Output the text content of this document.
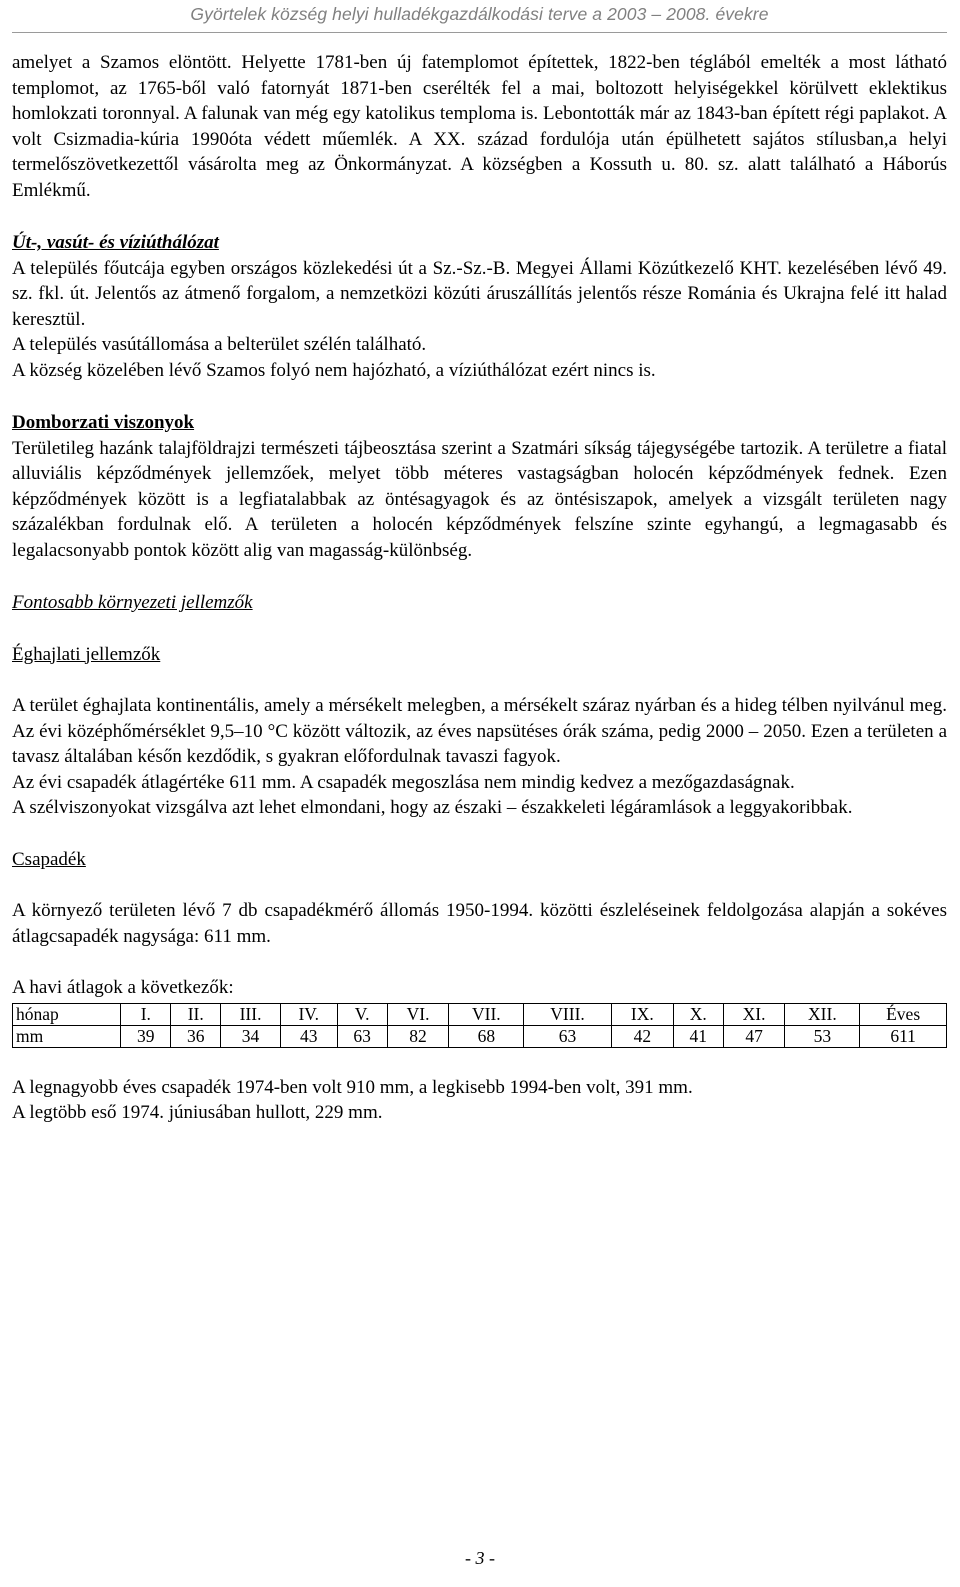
Györtelek község helyi hulladékgazdálkodási terve a 2003 – 2008. évekre

amelyet a Szamos elöntött. Helyette 1781-ben új fatemplomot építettek, 1822-ben téglából emelték a most látható templomot, az 1765-ből való fatornyát 1871-ben cserélték fel a mai, boltozott helyiségekkel körülvett eklektikus homlokzati toronnyal. A falunak van még egy katolikus temploma is. Lebontották már az 1843-ban épített régi paplakot. A volt Csizmadia-kúria 1990óta védett műemlék. A XX. század fordulója után épülhetett sajátos stílusban,a helyi termelőszövetkezettől vásárolta meg az Önkormányzat. A községben a Kossuth u. 80. sz. alatt található a Háborús Emlékmű.

Út-, vasút- és víziúthálózat

A település főutcája egyben országos közlekedési út a Sz.-Sz.-B. Megyei Állami Közútkezelő KHT. kezelésében lévő 49. sz. fkl. út. Jelentős az átmenő forgalom, a nemzetközi közúti áruszállítás jelentős része Románia és Ukrajna felé itt halad keresztül.

A település vasútállomása a belterület szélén található.

A község közelében lévő Szamos folyó nem hajózható, a víziúthálózat ezért nincs is.

Domborzati viszonyok

Területileg hazánk talajföldrajzi természeti tájbeosztása szerint a Szatmári síkság tájegységébe tartozik. A területre a fiatal alluviális képződmények jellemzőek, melyet több méteres vastagságban holocén képződmények fednek. Ezen képződmények között is a legfiatalabbak az öntésagyagok és az öntésiszapok, amelyek a vizsgált területen nagy százalékban fordulnak elő. A területen a holocén képződmények felszíne szinte egyhangú, a legmagasabb és legalacsonyabb pontok között alig van magasság-különbség.

Fontosabb környezeti jellemzők
Éghajlati jellemzők

A terület éghajlata kontinentális, amely a mérsékelt melegben, a mérsékelt száraz nyárban és a hideg télben nyilvánul meg. Az évi középhőmérséklet 9,5–10 °C között változik, az éves napsütéses órák száma, pedig 2000 – 2050. Ezen a területen a tavasz általában későn kezdődik, s gyakran előfordulnak tavaszi fagyok.

Az évi csapadék átlagértéke 611 mm. A csapadék megoszlása nem mindig kedvez a mezőgazdaságnak.

A szélviszonyokat vizsgálva azt lehet elmondani, hogy az északi – északkeleti légáramlások a leggyakoribbak.

Csapadék

A környező területen lévő 7 db csapadékmérő állomás 1950-1994. közötti észleléseinek feldolgozása alapján a sokéves átlagcsapadék nagysága: 611 mm.

A havi átlagok a következők:
hónap	I.	II.	III.	IV.	V.	VI.	VII.	VIII.	IX.	X.	XI.	XII.	Éves
mm	39	36	34	43	63	82	68	63	42	41	47	53	611

A legnagyobb éves csapadék 1974-ben volt 910 mm, a legkisebb 1994-ben volt, 391 mm.

A legtöbb eső 1974. júniusában hullott, 229 mm.

- 3 -
